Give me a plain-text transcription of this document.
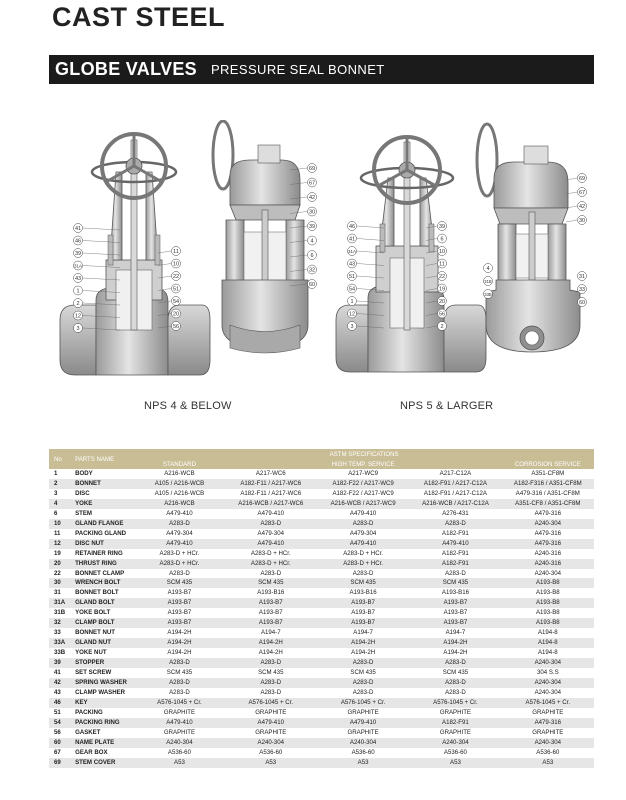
CAST STEEL
GLOBE VALVES PRESSURE SEAL BONNET
41
46
39
31A
43
1
2
12
3
11
10
22
51
54
20
56
69
67
42
30
39
4
6
32
60
46
41
31A
43
51
54
1
12
3
39
6
10
11
22
19
20
56
2
69
67
42
30
4
31B
33B
31
33
60
NPS 4 & BELOW	NPS 5 & LARGER
No	PARTS NAME	ASTM SPECIFICATIONS				
		STANDARD		HIGH TEMP. SERVICE		CORROSION SERVICE
1	BODY	A216-WCB	A217-WC6	A217-WC9	A217-C12A	A351-CF8M
2	BONNET	A105 / A216-WCB	A182-F11 / A217-WC6	A182-F22 / A217-WC9	A182-F91 / A217-C12A	A182-F316 / A351-CF8M
3	DISC	A105 / A216-WCB	A182-F11 / A217-WC6	A182-F22 / A217-WC9	A182-F91 / A217-C12A	A479-316 / A351-CF8M
4	YOKE	A216-WCB	A216-WCB / A217-WC6	A216-WCB / A217-WC9	A216-WCB / A217-C12A	A351-CF8 / A351-CF8M
6	STEM	A479-410	A479-410	A479-410	A276-431	A479-316
10	GLAND FLANGE	A283-D	A283-D	A283-D	A283-D	A240-304
11	PACKING GLAND	A479-304	A479-304	A479-304	A182-F91	A479-316
12	DISC NUT	A479-410	A479-410	A479-410	A479-410	A479-316
19	RETAINER RING	A283-D + HCr.	A283-D + HCr.	A283-D + HCr.	A182-F91	A240-316
20	THRUST RING	A283-D + HCr.	A283-D + HCr.	A283-D + HCr.	A182-F91	A240-316
22	BONNET CLAMP	A283-D	A283-D	A283-D	A283-D	A240-304
30	WRENCH BOLT	SCM 435	SCM 435	SCM 435	SCM 435	A193-B8
31	BONNET BOLT	A193-B7	A193-B16	A193-B16	A193-B16	A193-B8
31A	GLAND BOLT	A193-B7	A193-B7	A193-B7	A193-B7	A193-B8
31B	YOKE BOLT	A193-B7	A193-B7	A193-B7	A193-B7	A193-B8
32	CLAMP BOLT	A193-B7	A193-B7	A193-B7	A193-B7	A193-B8
33	BONNET NUT	A194-2H	A194-7	A194-7	A194-7	A194-8
33A	GLAND NUT	A194-2H	A194-2H	A194-2H	A194-2H	A194-8
33B	YOKE NUT	A194-2H	A194-2H	A194-2H	A194-2H	A194-8
39	STOPPER	A283-D	A283-D	A283-D	A283-D	A240-304
41	SET SCREW	SCM 435	SCM 435	SCM 435	SCM 435	304 S.S
42	SPRING WASHER	A283-D	A283-D	A283-D	A283-D	A240-304
43	CLAMP WASHER	A283-D	A283-D	A283-D	A283-D	A240-304
46	KEY	A576-1045 + Cr.	A576-1045 + Cr.	A576-1045 + Cr.	A576-1045 + Cr.	A576-1045 + Cr.
51	PACKING	GRAPHITE	GRAPHITE	GRAPHITE	GRAPHITE	GRAPHITE
54	PACKING RING	A479-410	A479-410	A479-410	A182-F91	A479-316
56	GASKET	GRAPHITE	GRAPHITE	GRAPHITE	GRAPHITE	GRAPHITE
60	NAME PLATE	A240-304	A240-304	A240-304	A240-304	A240-304
67	GEAR BOX	A536-60	A536-60	A536-60	A536-60	A536-60
69	STEM COVER	A53	A53	A53	A53	A53
